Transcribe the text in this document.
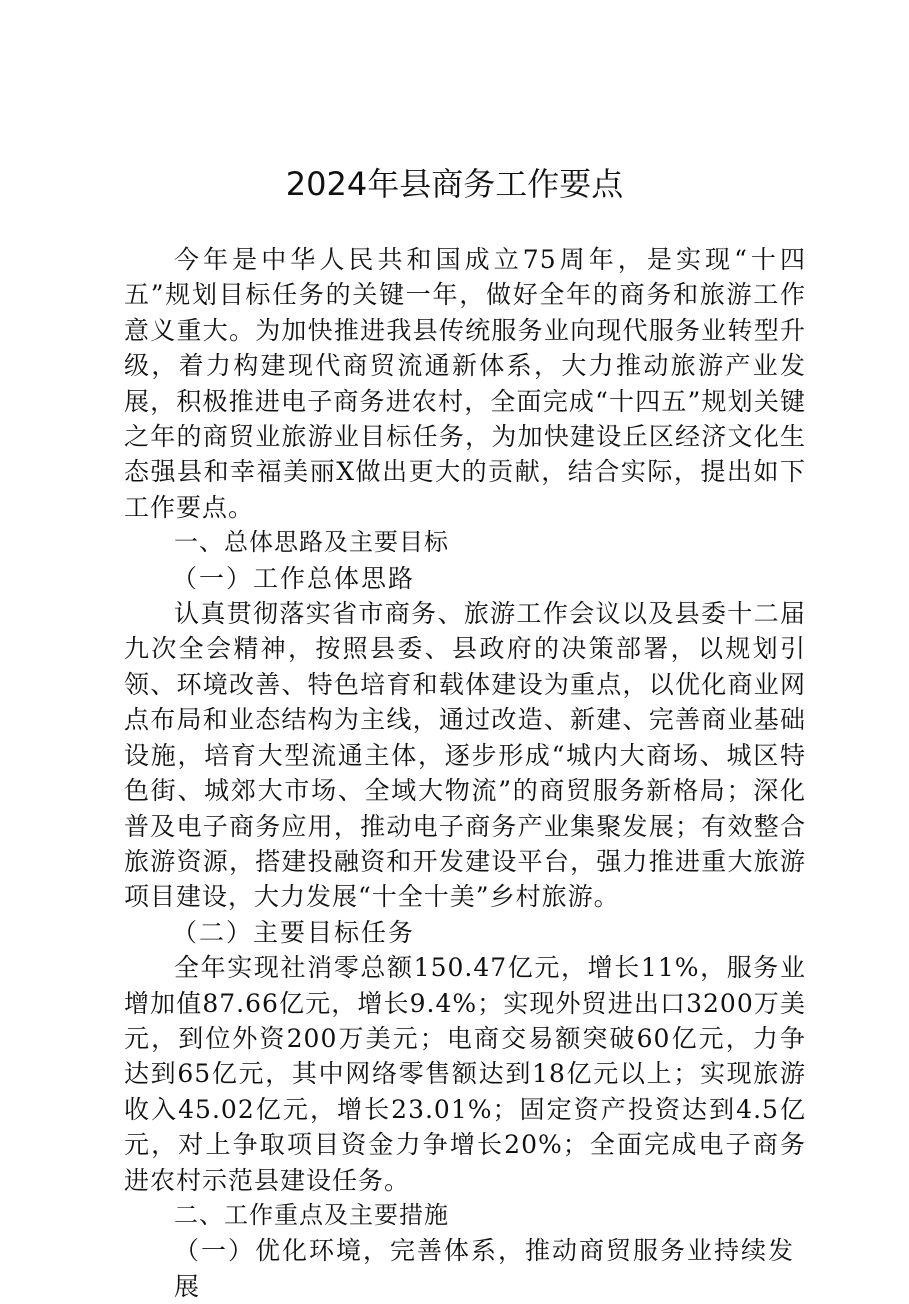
2024年县商务工作要点

今年是中华人民共和国成立75周年，是实现“十四五”规划目标任务的关键一年，做好全年的商务和旅游工作意义重大。为加快推进我县传统服务业向现代服务业转型升级，着力构建现代商贸流通新体系，大力推动旅游产业发展，积极推进电子商务进农村，全面完成“十四五”规划关键之年的商贸业旅游业目标任务，为加快建设丘区经济文化生态强县和幸福美丽X做出更大的贡献，结合实际，提出如下工作要点。

一、总体思路及主要目标

（一）工作总体思路

认真贯彻落实省市商务、旅游工作会议以及县委十二届九次全会精神，按照县委、县政府的决策部署，以规划引领、环境改善、特色培育和载体建设为重点，以优化商业网点布局和业态结构为主线，通过改造、新建、完善商业基础设施，培育大型流通主体，逐步形成“城内大商场、城区特色街、城郊大市场、全域大物流”的商贸服务新格局；深化普及电子商务应用，推动电子商务产业集聚发展；有效整合旅游资源，搭建投融资和开发建设平台，强力推进重大旅游项目建设，大力发展“十全十美”乡村旅游。

（二）主要目标任务

全年实现社消零总额150.47亿元，增长11%，服务业增加值87.66亿元，增长9.4%；实现外贸进出口3200万美元，到位外资200万美元；电商交易额突破60亿元，力争达到65亿元，其中网络零售额达到18亿元以上；实现旅游收入45.02亿元，增长23.01%；固定资产投资达到4.5亿元，对上争取项目资金力争增长20%；全面完成电子商务进农村示范县建设任务。

二、工作重点及主要措施

（一）优化环境，完善体系，推动商贸服务业持续发展
